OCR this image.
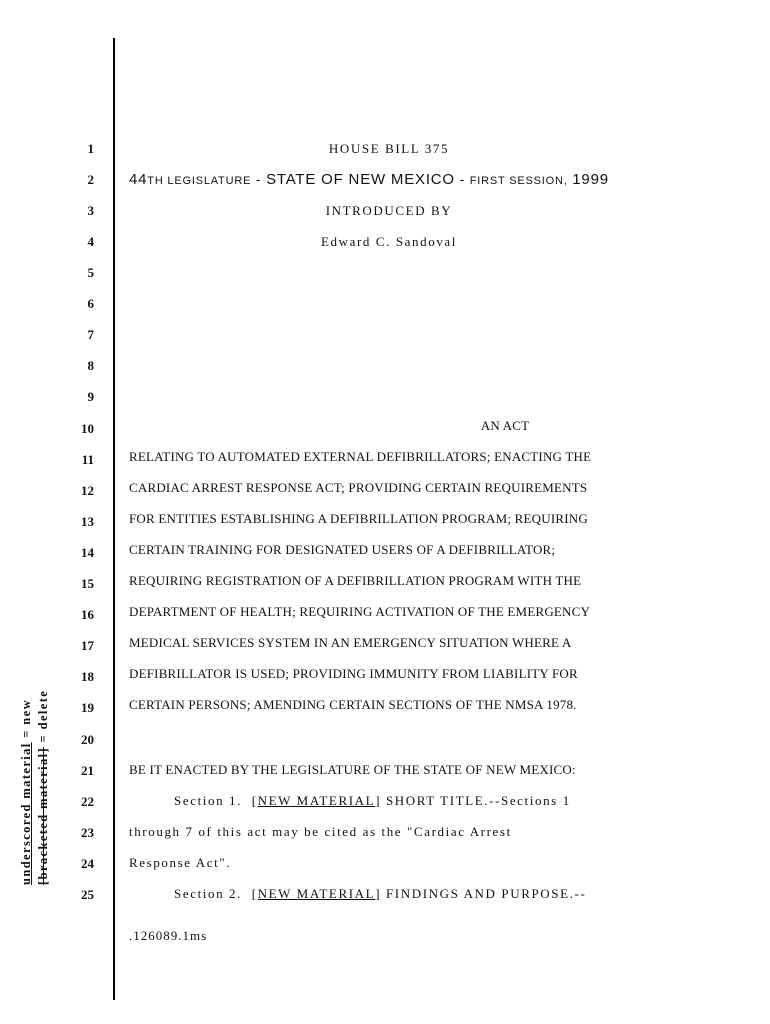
underscored material = new
[bracketed material] = delete
1
2
3
4
5
6
7
8
9
10
11
12
13
14
15
16
17
18
19
20
21
22
23
24
25
HOUSE BILL 375
44TH LEGISLATURE - STATE OF NEW MEXICO - FIRST SESSION, 1999
INTRODUCED BY
Edward C. Sandoval
AN ACT
RELATING TO AUTOMATED EXTERNAL DEFIBRILLATORS; ENACTING THE
CARDIAC ARREST RESPONSE ACT; PROVIDING CERTAIN REQUIREMENTS
FOR ENTITIES ESTABLISHING A DEFIBRILLATION PROGRAM; REQUIRING
CERTAIN TRAINING FOR DESIGNATED USERS OF A DEFIBRILLATOR;
REQUIRING REGISTRATION OF A DEFIBRILLATION PROGRAM WITH THE
DEPARTMENT OF HEALTH; REQUIRING ACTIVATION OF THE EMERGENCY
MEDICAL SERVICES SYSTEM IN AN EMERGENCY SITUATION WHERE A
DEFIBRILLATOR IS USED; PROVIDING IMMUNITY FROM LIABILITY FOR
CERTAIN PERSONS; AMENDING CERTAIN SECTIONS OF THE NMSA 1978.
BE IT ENACTED BY THE LEGISLATURE OF THE STATE OF NEW MEXICO:
Section 1.  [NEW MATERIAL] SHORT TITLE.--Sections 1
through 7 of this act may be cited as the "Cardiac Arrest
Response Act".
Section 2.  [NEW MATERIAL] FINDINGS AND PURPOSE.--
.126089.1ms
